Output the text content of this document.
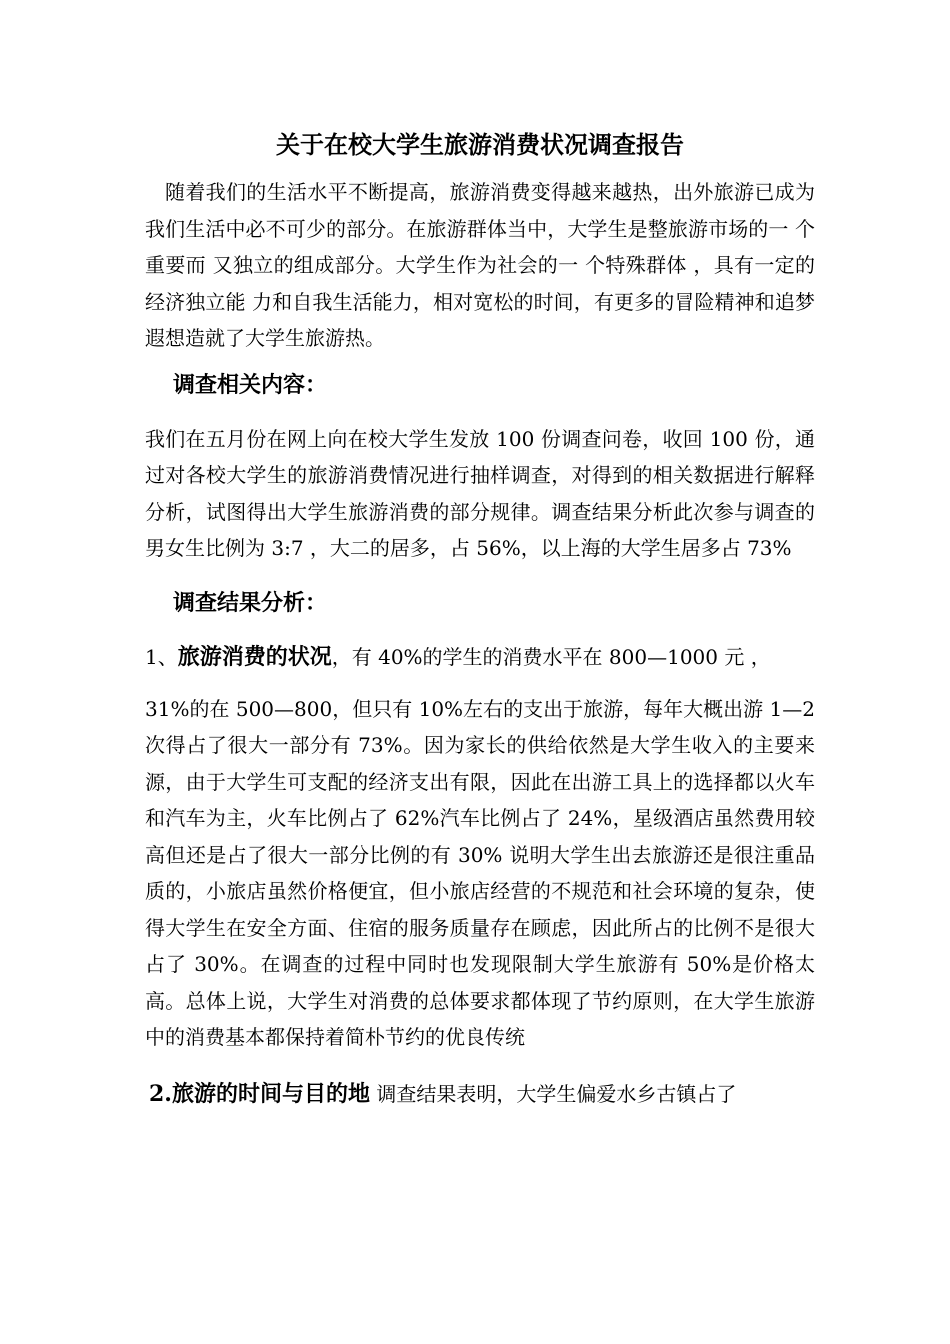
关于在校大学生旅游消费状况调查报告

随着我们的生活水平不断提高，旅游消费变得越来越热，出外旅游已成为我们生活中必不可少的部分。在旅游群体当中，大学生是整旅游市场的一 个重要而 又独立的组成部分。大学生作为社会的一 个特殊群体 ，具有一定的经济独立能 力和自我生活能力，相对宽松的时间，有更多的冒险精神和追梦遐想造就了大学生旅游热。

调查相关内容：

我们在五月份在网上向在校大学生发放 100 份调查问卷，收回 100 份，通过对各校大学生的旅游消费情况进行抽样调查，对得到的相关数据进行解释分析，试图得出大学生旅游消费的部分规律。调查结果分析此次参与调查的男女生比例为 3:7 ，大二的居多，占 56%，以上海的大学生居多占 73%

调查结果分析：
1、旅游消费的状况，有 40%的学生的消费水平在 800—1000 元 ，

31%的在 500—800，但只有 10%左右的支出于旅游，每年大概出游 1—2 次得占了很大一部分有 73%。因为家长的供给依然是大学生收入的主要来源，由于大学生可支配的经济支出有限，因此在出游工具上的选择都以火车和汽车为主，火车比例占了 62%汽车比例占了 24%，星级酒店虽然费用较高但还是占了很大一部分比例的有 30% 说明大学生出去旅游还是很注重品质的，小旅店虽然价格便宜，但小旅店经营的不规范和社会环境的复杂，使得大学生在安全方面、住宿的服务质量存在顾虑，因此所占的比例不是很大占了 30%。在调查的过程中同时也发现限制大学生旅游有 50%是价格太高。总体上说，大学生对消费的总体要求都体现了节约原则，在大学生旅游中的消费基本都保持着简朴节约的优良传统

2.旅游的时间与目的地 调查结果表明，大学生偏爱水乡古镇占了
